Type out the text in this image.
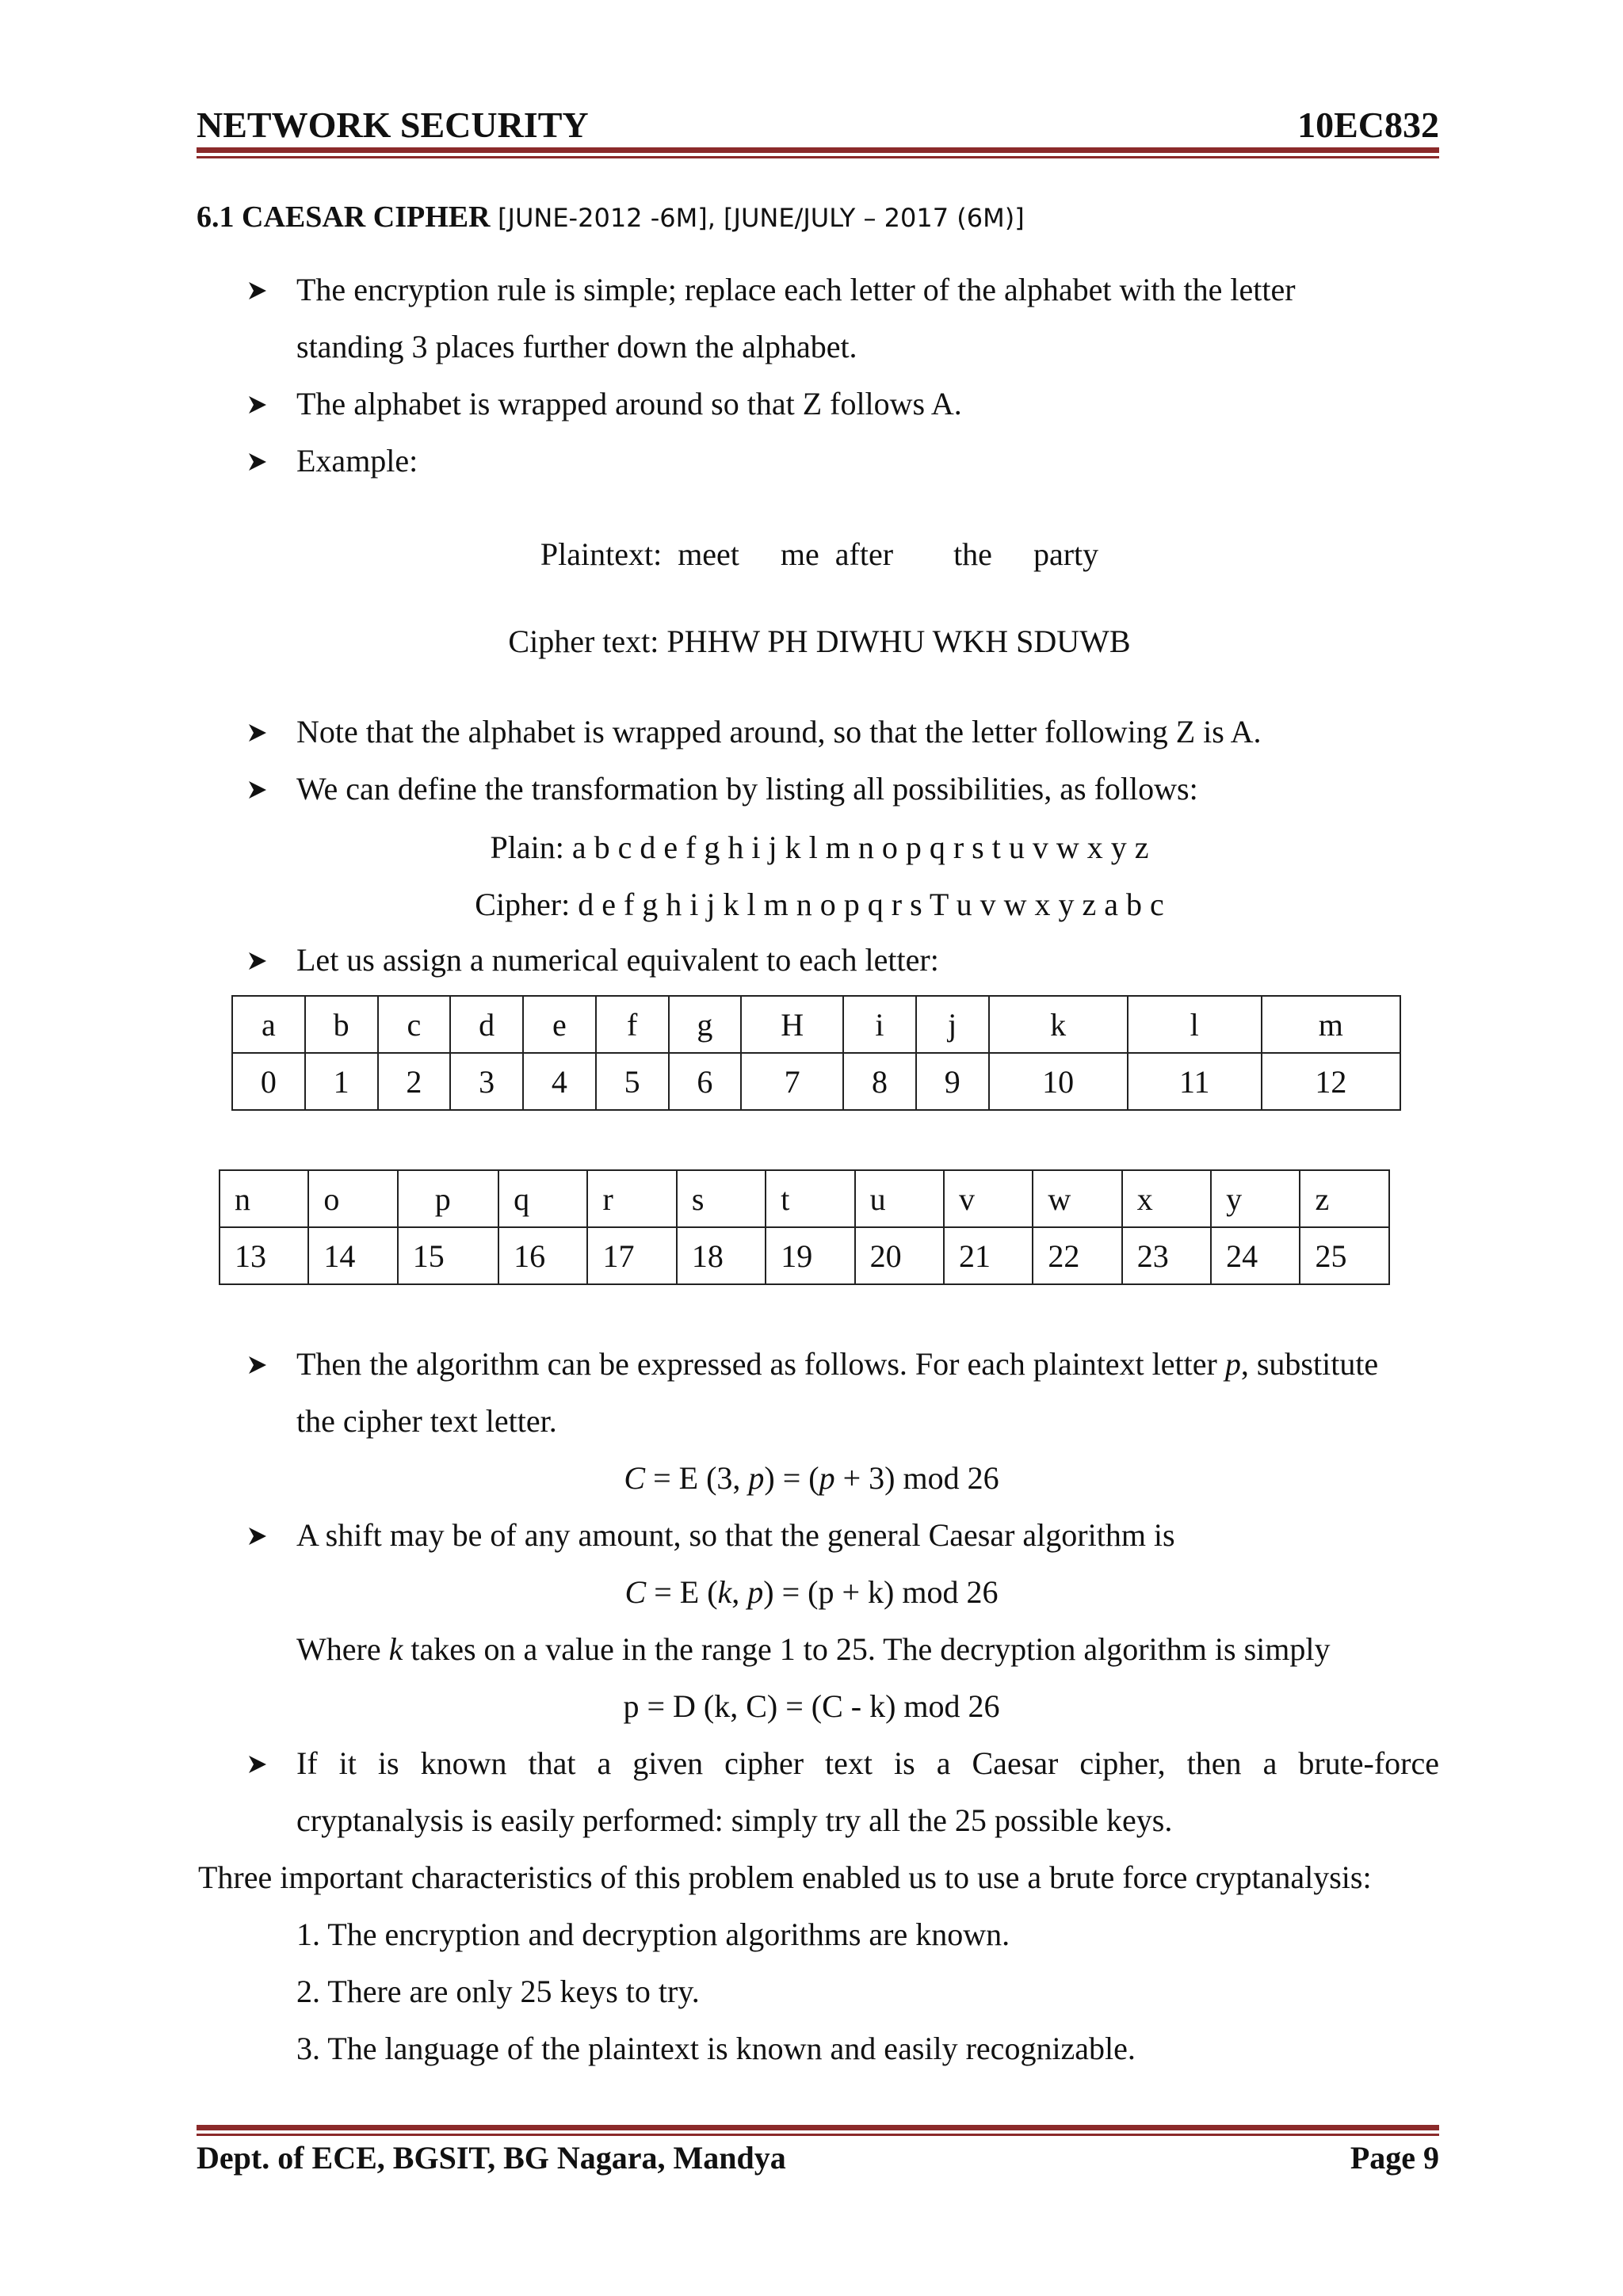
NETWORK SECURITY	10EC832
6.1 CAESAR CIPHER [JUNE-2012 -6M], [JUNE/JULY – 2017 (6M)]
The encryption rule is simple; replace each letter of the alphabet with the letter
standing 3 places further down the alphabet.
The alphabet is wrapped around so that Z follows A.
Example:
Plaintext: meet me after the party
Cipher text: PHHW PH DIWHU WKH SDUWB
Note that the alphabet is wrapped around, so that the letter following Z is A.
We can define the transformation by listing all possibilities, as follows:
Plain: a b c d e f g h i j k l m n o p q r s t u v w x y z
Cipher: d e f g h i j k l m n o p q r s T u v w x y z a b c
Let us assign a numerical equivalent to each letter:
a	b	c	d	e	f	g	H	i	j	k	l	m
0	1	2	3	4	5	6	7	8	9	10	11	12
n	o	p	q	r	s	t	u	v	w	x	y	z
13	14	15	16	17	18	19	20	21	22	23	24	25
Then the algorithm can be expressed as follows. For each plaintext letter p, substitute
the cipher text letter.
C = E (3, p) = (p + 3) mod 26
A shift may be of any amount, so that the general Caesar algorithm is
C = E (k, p) = (p + k) mod 26
Where k takes on a value in the range 1 to 25. The decryption algorithm is simply
p = D (k, C) = (C - k) mod 26
If it is known that a given cipher text is a Caesar cipher, then a brute-force
cryptanalysis is easily performed: simply try all the 25 possible keys.
Three important characteristics of this problem enabled us to use a brute force cryptanalysis:
1. The encryption and decryption algorithms are known.
2. There are only 25 keys to try.
3. The language of the plaintext is known and easily recognizable.
Dept. of ECE, BGSIT, BG Nagara, Mandya	Page 9
